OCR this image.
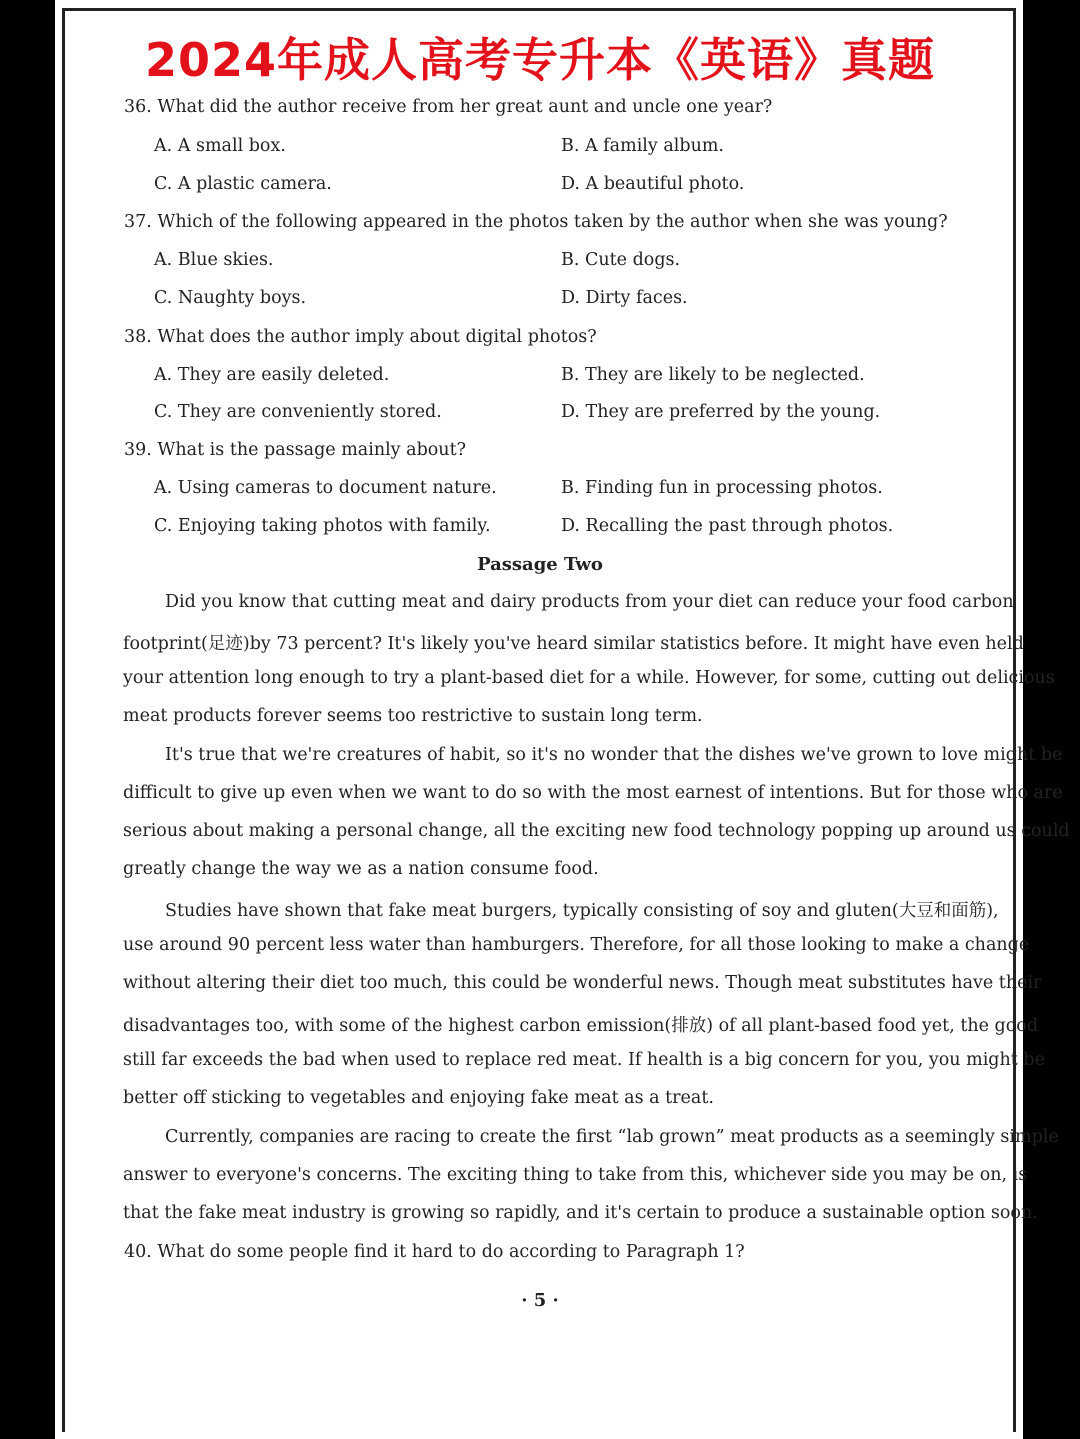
2024年成人高考专升本《英语》真题
36. What did the author receive from her great aunt and uncle one year?
A. A small box.	B. A family album.
C. A plastic camera.	D. A beautiful photo.
37. Which of the following appeared in the photos taken by the author when she was young?
A. Blue skies.	B. Cute dogs.
C. Naughty boys.	D. Dirty faces.
38. What does the author imply about digital photos?
A. They are easily deleted.	B. They are likely to be neglected.
C. They are conveniently stored.	D. They are preferred by the young.
39. What is the passage mainly about?
A. Using cameras to document nature.	B. Finding fun in processing photos.
C. Enjoying taking photos with family.	D. Recalling the past through photos.
Passage Two
Did you know that cutting meat and dairy products from your diet can reduce your food carbon
footprint(足迹)by 73 percent? It's likely you've heard similar statistics before. It might have even held
your attention long enough to try a plant-based diet for a while. However, for some, cutting out delicious
meat products forever seems too restrictive to sustain long term.
It's true that we're creatures of habit, so it's no wonder that the dishes we've grown to love might be
difficult to give up even when we want to do so with the most earnest of intentions. But for those who are
serious about making a personal change, all the exciting new food technology popping up around us could
greatly change the way we as a nation consume food.
Studies have shown that fake meat burgers, typically consisting of soy and gluten(大豆和面筋),
use around 90 percent less water than hamburgers. Therefore, for all those looking to make a change
without altering their diet too much, this could be wonderful news. Though meat substitutes have their
disadvantages too, with some of the highest carbon emission(排放) of all plant-based food yet, the good
still far exceeds the bad when used to replace red meat. If health is a big concern for you, you might be
better off sticking to vegetables and enjoying fake meat as a treat.
Currently, companies are racing to create the first “lab grown” meat products as a seemingly simple
answer to everyone's concerns. The exciting thing to take from this, whichever side you may be on, is
that the fake meat industry is growing so rapidly, and it's certain to produce a sustainable option soon.
40. What do some people find it hard to do according to Paragraph 1?
· 5 ·
